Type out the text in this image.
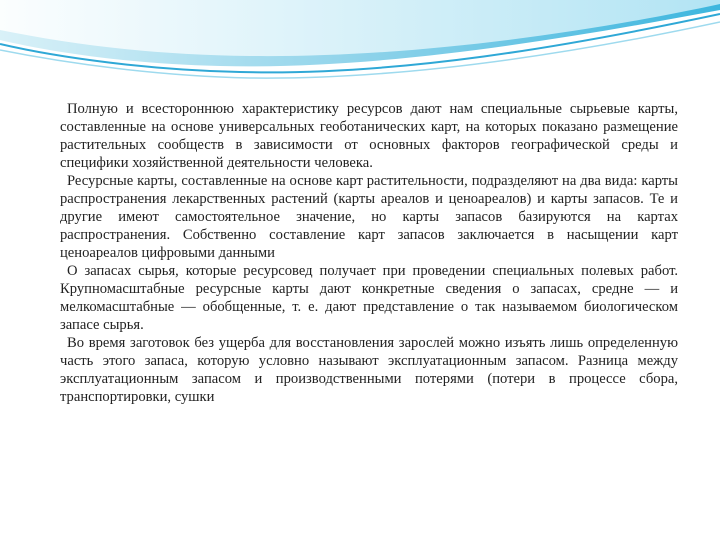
Полную и всестороннюю характеристику ресурсов дают нам специальные сырьевые карты, составленные на основе универсальных геоботанических карт, на которых показано размещение растительных сообществ в зависимости от основных факторов географической среды и специфики хозяйственной деятельности человека.

Ресурсные карты, составленные на основе карт растительности, подразделяют на два вида: карты распространения лекарственных растений (карты ареалов и ценоареалов) и карты запасов. Те и другие имеют самостоятельное значение, но карты запасов базируются на картах распространения. Собственно составление карт запасов заключается в насыщении карт ценоареалов цифровыми данными

О запасах сырья, которые ресурсовед получает при проведении специальных полевых работ. Крупномасштабные ресурсные карты дают конкретные сведения о запасах, средне — и мелкомасштабные — обобщенные, т. е. дают представление о так называемом биологическом запасе сырья.

Во время заготовок без ущерба для восстановления зарослей можно изъять лишь определенную часть этого запаса, которую условно называют эксплуатационным запасом. Разница между эксплуатационным запасом и производственными потерями (потери в процессе сбора, транспортировки, сушки
